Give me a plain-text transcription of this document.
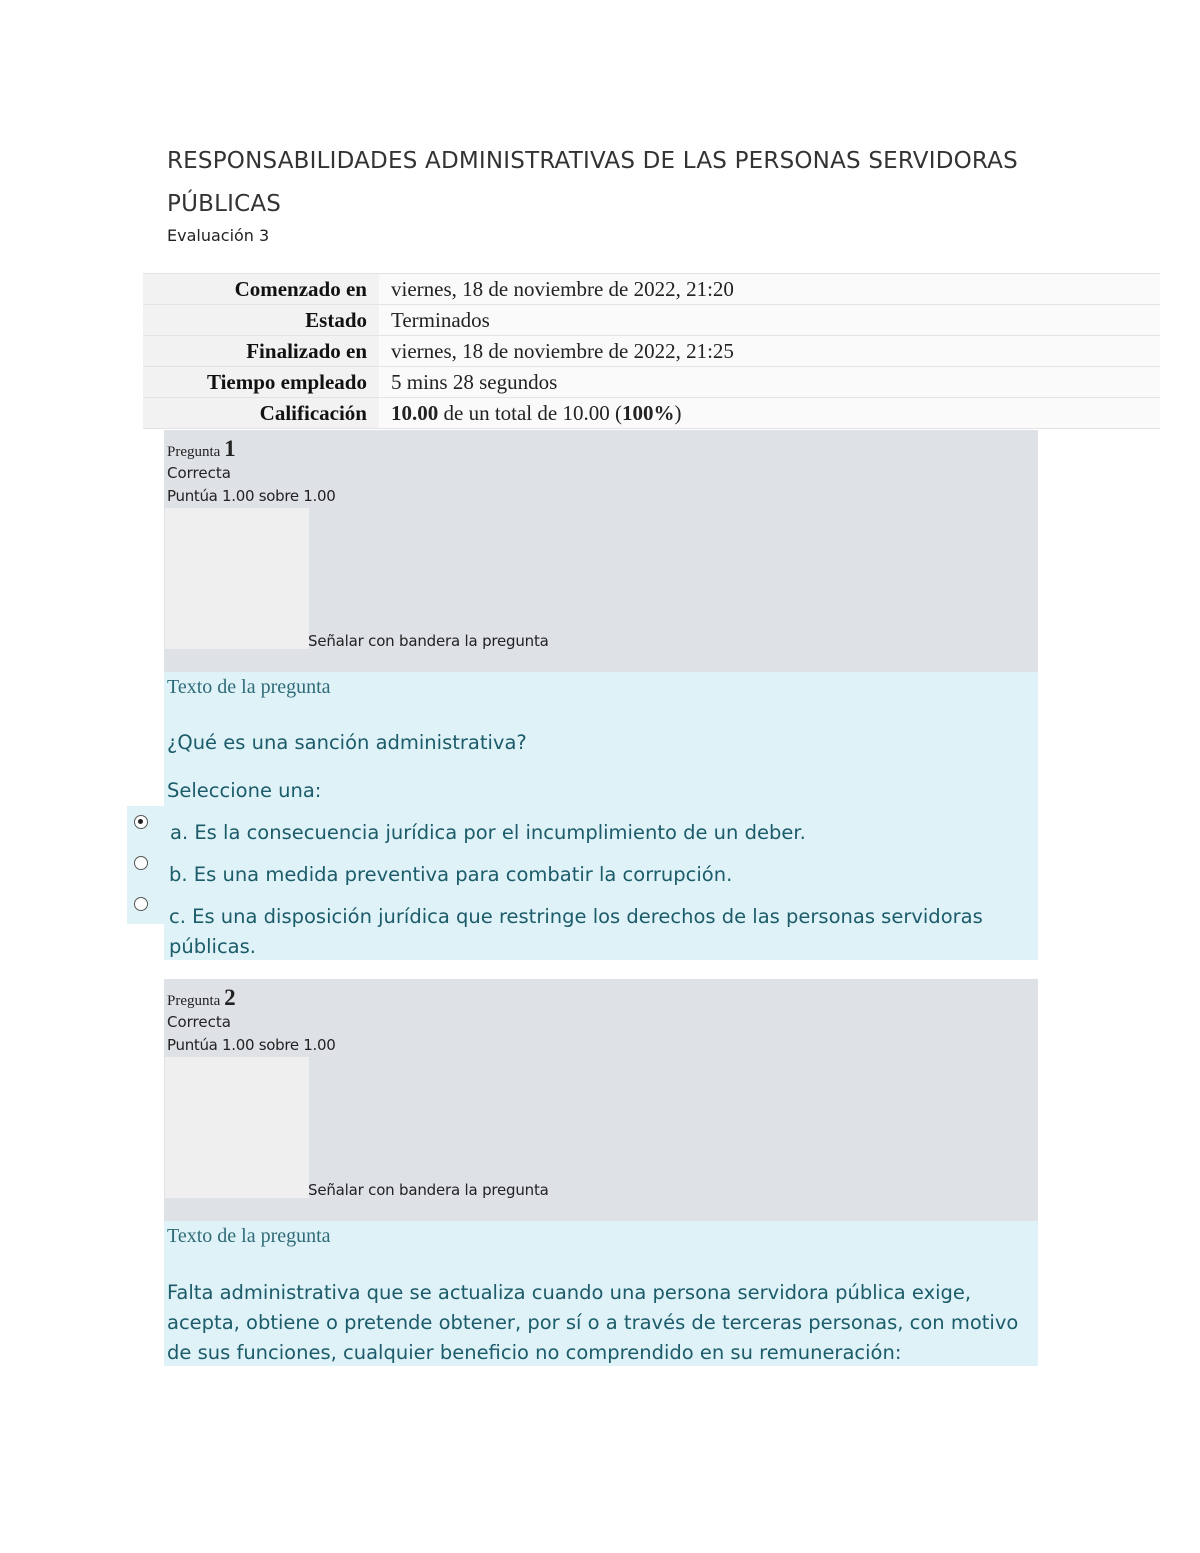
RESPONSABILIDADES ADMINISTRATIVAS DE LAS PERSONAS SERVIDORAS PÚBLICAS
Evaluación 3
Comenzado en	viernes, 18 de noviembre de 2022, 21:20
Estado	Terminados
Finalizado en	viernes, 18 de noviembre de 2022, 21:25
Tiempo empleado	5 mins 28 segundos
Calificación	10.00 de un total de 10.00 (100%)
Pregunta 1
Correcta
Puntúa 1.00 sobre 1.00
Señalar con bandera la pregunta
Texto de la pregunta
¿Qué es una sanción administrativa?
Seleccione una:
a. Es la consecuencia jurídica por el incumplimiento de un deber.
b. Es una medida preventiva para combatir la corrupción.
c. Es una disposición jurídica que restringe los derechos de las personas servidoras públicas.
Pregunta 2
Correcta
Puntúa 1.00 sobre 1.00
Señalar con bandera la pregunta
Texto de la pregunta
Falta administrativa que se actualiza cuando una persona servidora pública exige, acepta, obtiene o pretende obtener, por sí o a través de terceras personas, con motivo de sus funciones, cualquier beneficio no comprendido en su remuneración:
